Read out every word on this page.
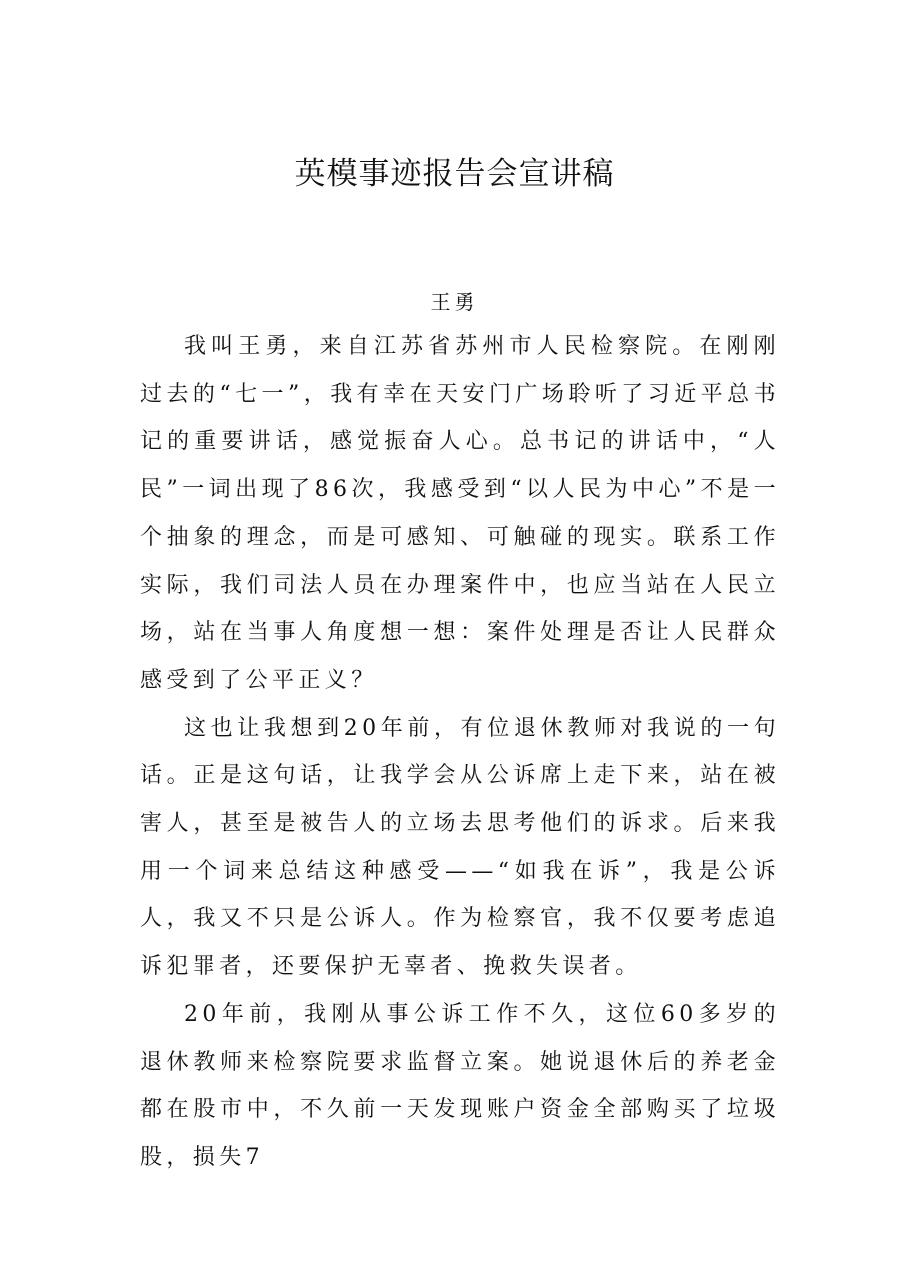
英模事迹报告会宣讲稿
王勇

我叫王勇，来自江苏省苏州市人民检察院。在刚刚过去的“七一”，我有幸在天安门广场聆听了习近平总书记的重要讲话，感觉振奋人心。总书记的讲话中，“人民”一词出现了86次，我感受到“以人民为中心”不是一个抽象的理念，而是可感知、可触碰的现实。联系工作实际，我们司法人员在办理案件中，也应当站在人民立场，站在当事人角度想一想：案件处理是否让人民群众感受到了公平正义？

这也让我想到20年前，有位退休教师对我说的一句话。正是这句话，让我学会从公诉席上走下来，站在被害人，甚至是被告人的立场去思考他们的诉求。后来我用一个词来总结这种感受——“如我在诉”，我是公诉人，我又不只是公诉人。作为检察官，我不仅要考虑追诉犯罪者，还要保护无辜者、挽救失误者。

20年前，我刚从事公诉工作不久，这位60多岁的退休教师来检察院要求监督立案。她说退休后的养老金都在股市中，不久前一天发现账户资金全部购买了垃圾股，损失7
